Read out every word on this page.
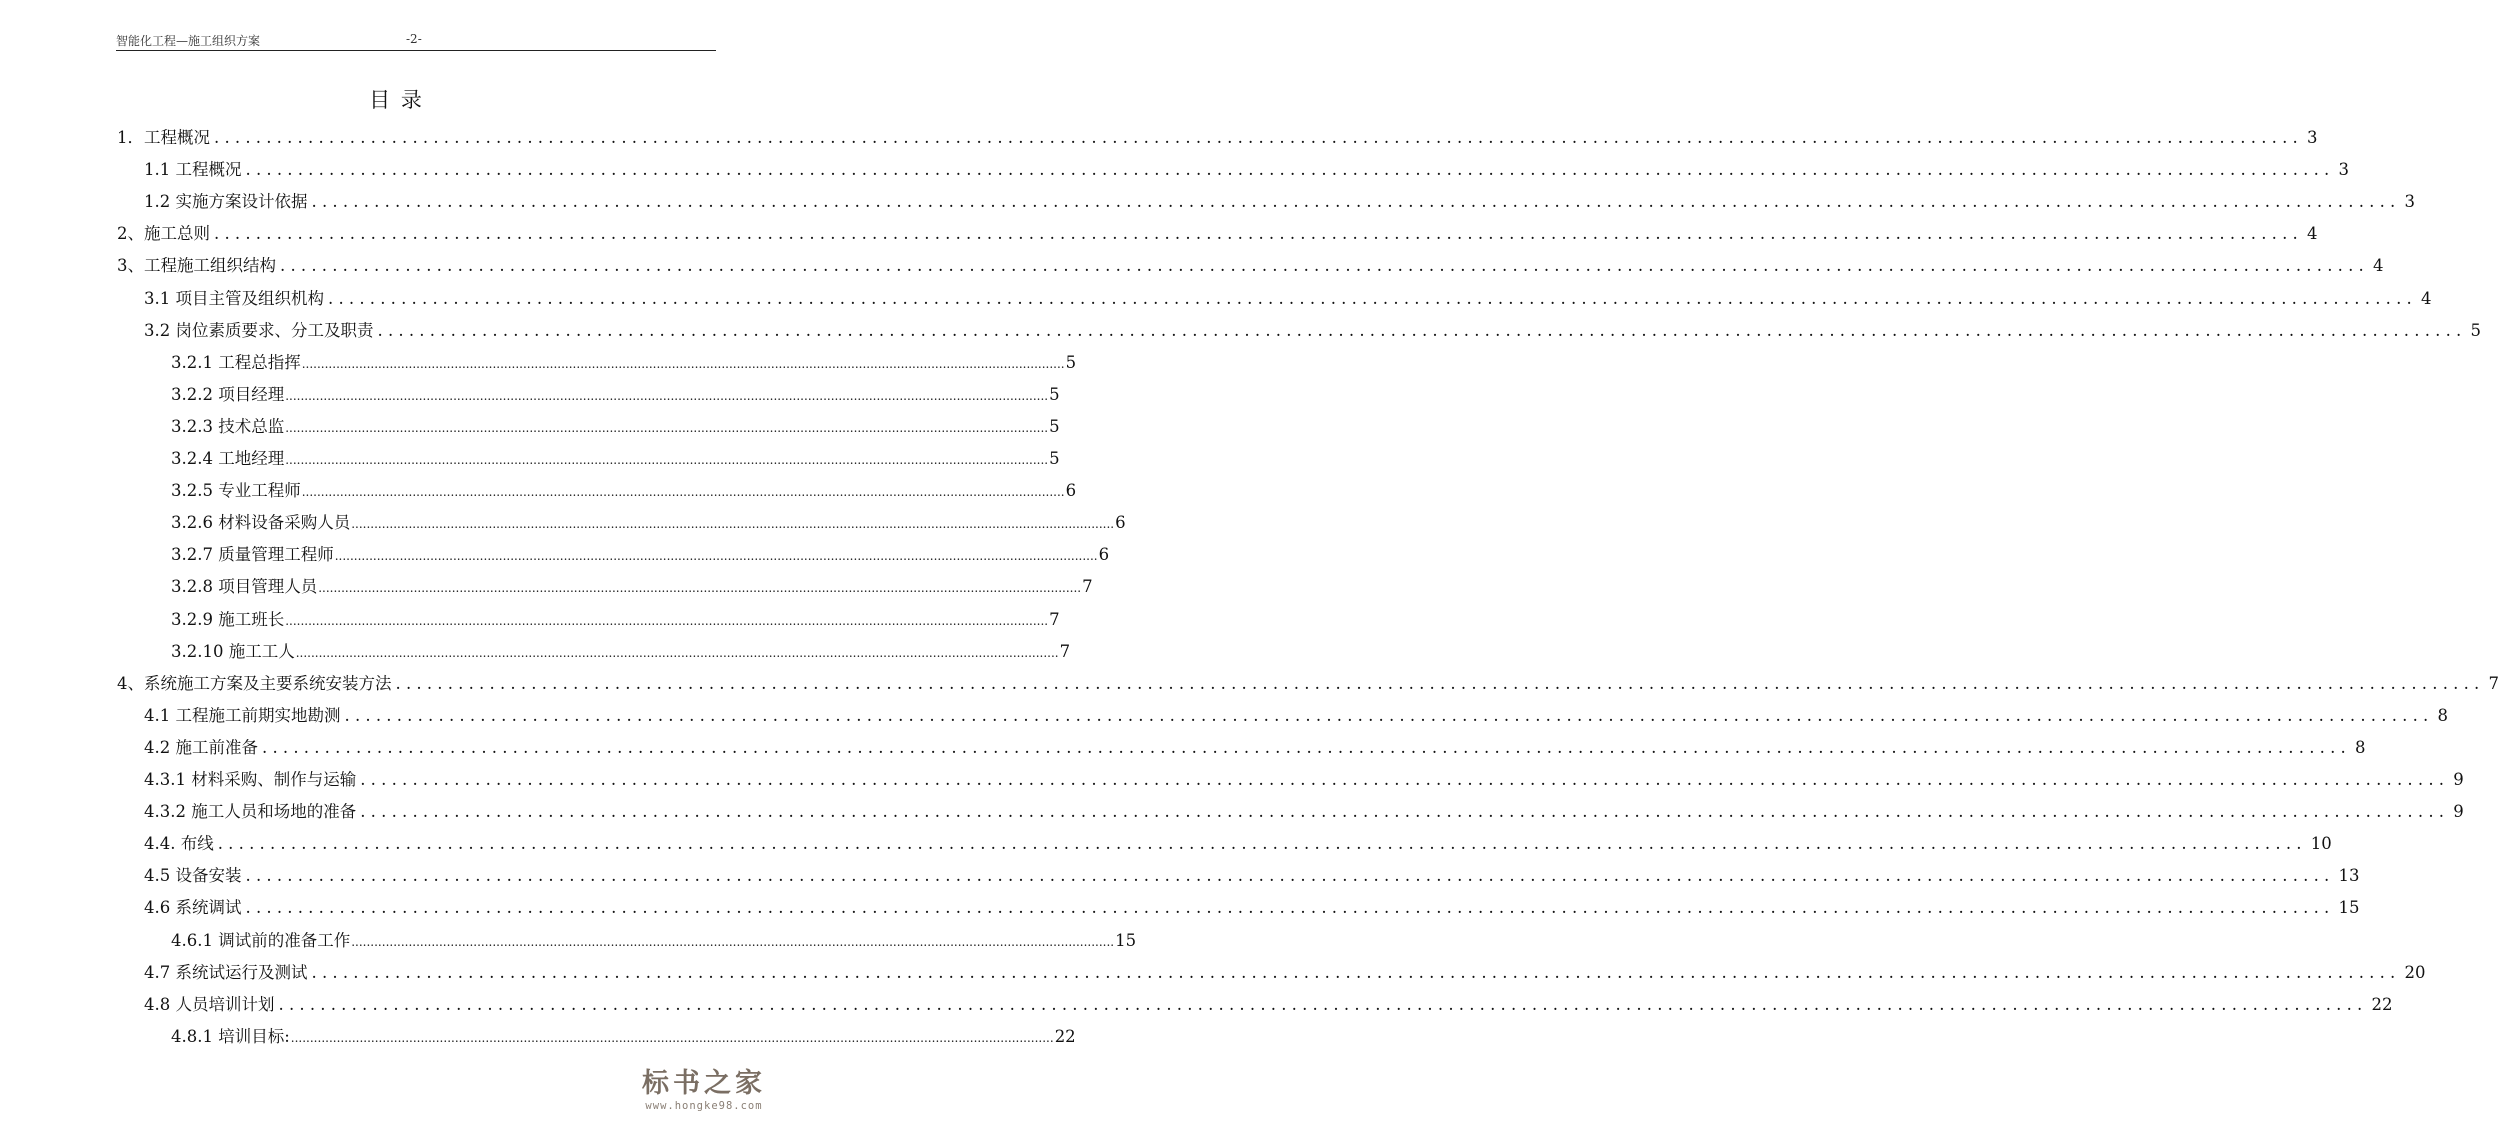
智能化工程—施工组织方案	-2-
目 录
1．工程概况 ........................................................................................................................................................................................................ 3
1.1 工程概况 ........................................................................................................................................................................................................ 3
1.2 实施方案设计依据 ........................................................................................................................................................................................................ 3
2、施工总则 ........................................................................................................................................................................................................ 4
3、工程施工组织结构 ........................................................................................................................................................................................................ 4
3.1 项目主管及组织机构 ........................................................................................................................................................................................................ 4
3.2 岗位素质要求、分工及职责 ........................................................................................................................................................................................................ 5
3.2.1 工程总指挥 ........................................................................................................................................................................................................ 5
3.2.2 项目经理 ........................................................................................................................................................................................................ 5
3.2.3 技术总监 ........................................................................................................................................................................................................ 5
3.2.4 工地经理 ........................................................................................................................................................................................................ 5
3.2.5 专业工程师 ........................................................................................................................................................................................................ 6
3.2.6 材料设备采购人员 ........................................................................................................................................................................................................ 6
3.2.7 质量管理工程师 ........................................................................................................................................................................................................ 6
3.2.8 项目管理人员 ........................................................................................................................................................................................................ 7
3.2.9 施工班长 ........................................................................................................................................................................................................ 7
3.2.10 施工工人 ........................................................................................................................................................................................................ 7
4、系统施工方案及主要系统安装方法 ........................................................................................................................................................................................................ 7
4.1 工程施工前期实地勘测 ........................................................................................................................................................................................................ 8
4.2 施工前准备 ........................................................................................................................................................................................................ 8
4.3.1 材料采购、制作与运输 ........................................................................................................................................................................................................ 9
4.3.2 施工人员和场地的准备 ........................................................................................................................................................................................................ 9
4.4. 布线 ........................................................................................................................................................................................................ 10
4.5 设备安装 ........................................................................................................................................................................................................ 13
4.6 系统调试 ........................................................................................................................................................................................................ 15
4.6.1 调试前的准备工作 ........................................................................................................................................................................................................ 15
4.7 系统试运行及测试 ........................................................................................................................................................................................................ 20
4.8 人员培训计划 ........................................................................................................................................................................................................ 22
4.8.1 培训目标: ........................................................................................................................................................................................................ 22
标书之家
www.hongke98.com
